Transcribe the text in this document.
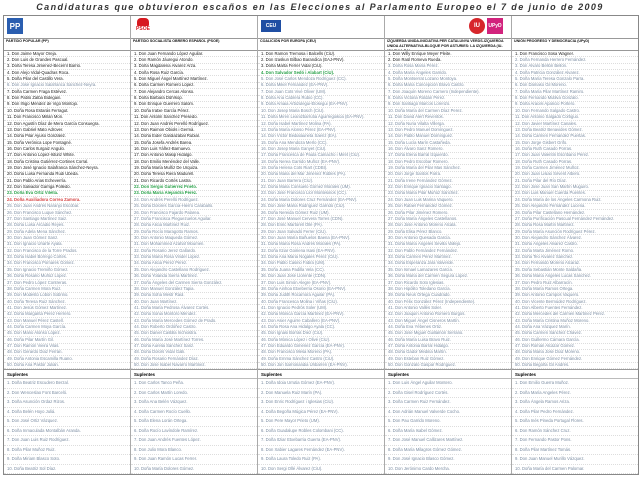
Candidaturas que obtuvieron escaños en las Elecciones al Parlamento Europeo el 7 de junio de 2009
PP
PARTIDO POPULAR (PP)
1. Don Jaime Mayor Oreja.
2. Don Luis de Grandes Pascual.
3. Doña Teresa Jiménez-Becerril Barrio.
4. Don Alejo Vidal-Quadras Roca.
5. Doña Pilar del Castillo Vera.
6. Don José Ignacio Salafranca Sánchez-Neyra.
7. Doña Carmen Fraga Estévez.
8. Don Pablo Zalba Bidegain.
9. Don Íñigo Méndez de Vigo Montojo.
10. Doña Rosa Estarás Ferragut.
11. Don Francisco Millán Mon.
12. Don Agustín Díaz de Mera García Consuegra.
13. Don Gabriel Mato Adrover.
14. Doña Pilar Ayuso González.
15. Doña Verónica Lope Fontagné.
16. Don Carlos Iturgaiz Angulo.
17. Don Antonio López-Istúriz White.
18. Doña Cristina Gutiérrez-Cortines Corral.
19. Don José Ignacio Salafranca Sánchez-Neyra.
20. Doña Luisa Fernanda Rudi Úbeda.
21. Don Pablo Arias Echeverría.
22. Don Salvador Garriga Polledo.
23. Doña Eva Ortiz Vilella.
24. Doña Auxiliadora Correa Zamora.
25. Don Juan Andrés Naranjo Escobar.
26. Don Francisco Luque Sánchez.
27. Don Santiago Martínez Saiz.
28. Doña Luisa Arcadio Reyes.
29. Doña Adela Mena Sánchez.
30. Don Juan Gómez Sanz.
31. Don Ignacio Uriarte Ayala.
32. Don Francisco de la Torre Prados.
33. Doña Isabel Borrego Cortés.
34. Don Francisco Pomares Gómez.
35. Don Ignacio Tremiño Gómez.
36. Doña Rosario Muñoz López.
37. Don Pedro López Contreras.
38. Doña Carmen Mora Ruiz.
39. Don Modesto Lobón Sobrino.
40. Doña Teresa Ruiz Sánchez.
41. Don Jesús Gómez Martínez.
42. Doña Margarita Pérez Herrero.
43. Don Manuel Pérez Castell.
44. Doña Carmen Moya García.
45. Don Mario Alonso López.
46. Doña Pilar Martín Gil.
47. Don Ramón Vieira Vilas.
48. Don Gerardo Díaz Ferrán.
49. Doña Antonia Escamilla Ruano.
50. Doña Ana Pastor Julián.
Suplentes
1. Doña Beatriz Escudero Berzal.
2. Don Wenceslao Font Barceló.
3. Doña Asunción Ordaz Rizos.
4. Doña Belén Hoyo Juliá.
5. Don José Ortiz Vázquez.
6. Doña Inmaculada Montalbán Aranda.
7. Don Juan Luis Ruiz Rodríguez.
8. Doña Pilar Muñoz Ruiz.
9. Doña Miriam Blasco Soto.
10. Doña Beatriz Sol Díaz.
PSOE
PARTIDO SOCIALISTA OBRERO ESPAÑOL (PSOE)
1. Don Juan Fernando López Aguilar.
2. Don Ramón Jáuregui Atondo.
3. Doña Magdalena Álvarez Arza.
4. Doña Rosa Ruiz García.
5. Don Miguel Ángel Martínez Martínez.
6. Doña Carmen Romero López.
7. Don Alejandro Cercas Alonso.
8. Doña Bárbara Dührkop.
9. Don Enrique Guerrero Salom.
10. Doña Iratxe García Pérez.
11. Don Antolín Sánchez Presedo.
12. Don Juan Andrés Perelló Rodríguez.
13. Don Raimon Obiols i Germà.
14. Doña Eider Gardiazábal Rubial.
15. Doña Josefa Andrés Barea.
16. Don Luis Yáñez-Barnuevo.
17. Don Antonio Masip Hidalgo.
18. Don Emilio Menéndez del Valle.
19. Doña María Muñiz De Urquiza.
20. Doña Teresa Riera Madurell.
21. Don Ricardo Cortés Lastra.
22. Don Sergio Gutiérrez Prieto.
23. Doña María Alejandra Pérez.
24. Don Andrés Perelló Rodríguez.
25. Doña Dolores García-Hierro Caraballo.
26. Don Francisco Fajardo Palarea.
27. Doña Francisca Pleguezuelos Aguilar.
28. Doña Alicia Martínez Ruiz.
29. Doña Rocío Maragotto Ramos.
30. Don Antonio Maqueda Gómez.
31. Don Mohammed Azahaf Moumen.
32. Doña Rosario Jerez Gallardo.
33. Doña María Rosa Vindel López.
34. Doña Alicia Pérez Pérez.
35. Don Alejandro Castellano Rodríguez.
36. Doña Yolanda Sierra Martínez.
37. Doña Ángeles del Carmen Sierra González.
38. Don Manuel González Tapia.
39. Doña Sofía Mestr Raúl.
40. Don Juan Martínez.
41. Doña María Pedrosa Álvarez Cortés.
42. Doña Sonia Montoro Méndez.
43. Doña María Mercedes Gómez de Prado.
44. Don Roberto Ordóñez Castro.
45. Don Daniel Castilla Inchiostra.
46. Doña María José Martínez Torres.
47. Doña Aurelia Sánchez Sanz.
48. Doña Dolors Vidal Galli.
49. Doña Rosario Fernández Díaz.
50. Don José Isabel Navarro Martínez.
Suplentes
1. Don Carlos Tanco Peña.
2. Don Carlos Martín Loredo.
3. Doña Ana Belén Vázquez.
4. Doña Carmen Rocío Cuello.
5. Doña Elena Lorán Ortega.
6. Doña Rocío Lavíndole Ramírez.
7. Don Juan Andrés Fuentes López.
8. Don Julio Mora Blanco.
9. Don Juan Ramón Lucas Ferrer.
10. Doña María Dolores Gómez.
CEU
COALICIÓN POR EUROPA (CEU)
1. Don Ramon Tremosa i Balcells (CiU).
2. Don Izaskun Bilbao Barandica (EAJ-PNV).
3. Doña Marta Ferrer Vidal (CiU).
4. Don Salvador Sedó i Alabart (CiU).
5. Don José Carlos Mendoza Rodríguez (CC).
6. Doña Mikel Fernández (EA-PNV).
7. Don Juan Cots Vivé Oliver (UM).
8. Doña Ana Cabrera Rubio (CC).
9. Doña Amaia Arbizulegui-Elosegui (EA-PNV).
10. Don Josep Maria Bosch (CiU).
11. Doña Miren Leanizbarrutia Aguirregoikoa (EA-PNV).
12. Doña Isabel Martínez Molina (PA).
13. Doña María Alonso Pérez (EA-PNV).
14. Don Víctor Bedialauneta Sáenz (EA).
15. Doña Ana Mendoza Merlo (CC).
16. Don Josep Maria Ganyet (CiU).
17. Doña Francesca de Paula Camacho i Miret (CiU).
18. Doña Nerea Garrido Muñoz (EA-PNV).
19. Doña Helena Cots Riart (CDBI).
20. Doña Maria del Mar Jiménez Robles (PA).
21. Don Juan Barrera (CiU).
22. Doña Maria Consuelo Gómez Morales (UM).
23. Don José Francisco Llor Montesinos (CC).
24. Doña María Dolores Cruz Fernández (EA-PNV).
25. Don José María Rodríguez Garrido (CiU).
26. Doña Nereida Gómez Ruiz (UM).
27. Don José Manuel Cervera Torres (CDN).
28. Don Enric Martorell Ollé (PA).
29. Don Joan Salvadó Ferrer (CiU).
30. Don Juan María Bañuelos Baena (EA-PNV).
31. Doña María Rosa Andrés Morales (PA).
32. Doña Itziar Goiriena Isasi (EA-PNV).
33. Doña Ana Maria Nogales Pérez (CiU).
34. Don Pablo Casino Fabra (UM).
35. Doña Juana Padilla Vela (CC).
36. Don Juan José Llorente (CDN).
37. Don Luis Simón Alegre (EA-PNV).
38. Doña Ainhoa Etxeberria Osorio (EA-PNV).
39. Doña Judith Rocamora Aguilar (PA).
40. Doña Francesca Molina i Viñas (CiU).
41. Don Ignacio Pedrós Soler (UM).
42. Doña Mónica García Martínez (EA-PNV).
43. Don Asier Aguirre Caballero (EA-PNV).
44. Doña Rosa Ana Hidalgo Ayala (CC).
45. Don Ignasi Borrás Díez (CiU).
46. Doña Mònica López i Olivé (CiU).
47. Don Eduardo Giménez García (EA-PNV).
48. Don Francisco Mesa Moreno (PA).
49. Doña Emma Sánchez Castro (CiU).
50. Don Jon Sarrionandia Uribarren (EA-PNV).
Suplentes
1. Doña Idoia Urrutia Gómez (EA-PNV).
2. Don Manuela Ruiz Marín (PA).
3. Don Enric Rodríguez i Iglesias (CiU).
4. Doña Begoña Múgica Pérez (EA-PNV).
5. Don Pere Mayor Prieto (UM).
6. Doña Guadalupe Robles Colombani (CC).
7. Doña Itziar Etxebarria Guerra (EA-PNV).
8. Don Xabier Lagares Fernández (EA-PNV).
9. Doña Laura Toledo Ruiz (PA).
10. Don Sergi Ollé Álvarez (CiU).
UPyD
IU
IZQUIERDA UNIDA-INICIATIVA PER CATALUNYA VERDS-IZQUIERDA UNIDA ALTERNATIVA-BLOQUE POR ASTURIES: LA IZQUIERDA (IU-
1. Don Willy Enrique Meyer Pleite.
2. Don Raül Romeva Rueda.
3. Doña Rosa María Pérez.
4. Doña María Ángeles Garrido.
5. Doña Montserrat Lozano Montoya.
6. Doña María Concepción Bravo Castro.
7. Don Joaquín Moreno Carnero (Independiente).
8. Doña Victoria Roldán Pérez.
9. Don Santiago Marcos Lorenzo.
10. Doña María del Carmen Díaz Perez.
11. Don David Alert Reventós.
12. Doña Nuria Vilalta Villerga.
13. Don Pedro Manuel Domínguez.
14. Don Pablo Manuel Domínguez.
15. Doña Lucía Marín Castañeda.
16. Don Álvaro Sanz Romero.
17. Doña Elena Barral Izquierdo.
18. Don Pedro Escobar Romero.
19. Doña María del Pilar Mas Sánchez.
20. Don Jorge Santos Parra.
21. Doña Irene Fernández Gómez.
22. Don Enrique Ignacio Santiago.
23. Doña María Pilar Muñoz Sánchez.
24. Don Juan Luis Marina Vaquero.
25. Don Rafael Fernández Gómez.
26. Doña Pilar Jiménez Romero.
27. Doña María Ángeles Castellanos.
28. Don José Antonio Moreno Alcalá.
29. Doña Elisa Pérez Blanco.
30. Don Antonio Quesada García.
31. Doña María Ángeles Sevilla Vallejo.
32. Don Pablo Fernández Fernández.
33. Doña Carmen Pérez Martínez.
34. Doña Esperanza Jara Valverde.
35. Don Ismael Lamazares García.
36. Doña María del Carmen Segura López.
37. Don Ricardo Soto Iglesias.
38. Don Hipólito Toledano García.
39. Doña Neus Ortega Cuadrado.
40. Don Félix González Pérez (Independiente).
41. Don Antonio Vallés Soler.
42. Don Joaquín Antonio Romero Burgos.
43. Don Miguel Ángel Cisneros Martín.
44. Doña Eva Yébenes Ortiz.
45. Don José Miguel Guillamón Serrano.
46. Doña María Luisa Bravo Ruiz.
47. Doña Antonia Barral Hidalgo.
48. Doña Gádor Medina Martín.
49. Don Esteban Ruiz Gómez.
50. Don Gonzalo Gaspar Rodríguez.
Suplentes
1. Don Luis Ángel Aguilar Montero.
2. Doña Gisel Rodríguez Cortés.
3. Doña Carmen Ruiz Fernández.
4. Don Adrián Manuel Valverde Cocho.
5. Don Pau Garrido Moreno.
6. Doña María Isabel Gómez.
7. Don José Manuel Callizares Martínez.
8. Doña María Milagros Gómez Gómez.
9. Don José Ignacio Blasco Gómez.
10. Don Jerónimo Cardo Mercha.
UNIÓN PROGRESO Y DEMOCRACIA (UPyD)
1. Don Francisco Sosa Wagner.
2. Doña Fernanda Herrero Fernández.
3. Don Álvaro Bellón Bellón.
4. Doña Patricia González Alvarez.
5. Doña María Teresa Gonzalo Parra.
6. Don Dámaso Gil Moreno.
7. Doña María Pilar Martínez Ramiro.
8. Don Fernando Mutilva Gonzalo.
9. Doña Araceli Aparicio Portero.
10. Don Fernando Salgado Castro.
11. Don Antonio Salgado Cortiguo.
12. Don Javier Martínez Canales.
13. Doña Beatriz Benavides Gómez.
14. Doña Carmen Fernández Puertas.
15. Don Jorge Gisbert Grifo.
16. Doña Ruth Casado Porras.
17. Don Juan Valentín Escribano Pérez.
18. Doña Ruth Casado Porras.
19. Doña Carmen Jiménez Muñoz.
20. Don Juan Lisiao Sirvent Albero.
21. Doña Pilar del Río Díaz.
22. Don José Juan San Martín Muguiro.
23. Don Luis Manuel Cuerda Puentes.
24. Doña María de los Ángeles Carmona Ruiz.
25. Don Alejandro Fernández Lucena.
26. Doña Pilar Castellano Hernández.
27. Doña Purificación Pascual Fernández Fernández.
28. Doña Rosa Martín Martínez.
29. Doña María Asunción Rodríguez Pérez.
30. Don Alejandro Sánchez Álvarez.
31. Doña Ángeles Alvarez Castro.
32. Doña Marta Jiménez Romo.
33. Doña Teo Alvarez Sánchez.
34. Don Fernando Moreno Alcaraz.
35. Doña Sebastián Monte Saldaña.
36. Doña María Ángeles Lucas Sánchez.
37. Don Pedro Ruiz Albarracín.
38. Doña María Ramos Ortega.
39. Don Antonio Campos Vaquero.
40. Don Vicente Bermúdez Rodríguez.
41. Don Alberto Fuentes Fernández.
42. Doña Mercedes del Carmen Martínez Pérez.
43. Doña María Cristina Muñoz Moreno.
44. Doña Ana Vázquez Marín.
45. Doña Carmen Sánchez Chávez.
46. Don Guillermo Cámara García.
47. Don Román Alcázar Gómez.
48. Doña María José Díaz Moreno.
49. Don Enrique Gómez Fernández.
50. Doña Begoña Gil Andrés.
Suplentes
1. Don Emilio Guerra Muñoz.
2. Doña María Angeles Pérez.
3. Doña Ángela Ramos Ariza.
4. Doña Pilar Pedro Fernández.
5. Doña Inés Pineda Portugal Flores.
6. Don Ramón Sánchez Cruz.
7. Don Fernando Pastor Pons.
8. Doña Pilar Martínez Tomás.
9. Don Juan Manuel Murillo Vázquez.
10. Doña María del Carmen Palomar.
